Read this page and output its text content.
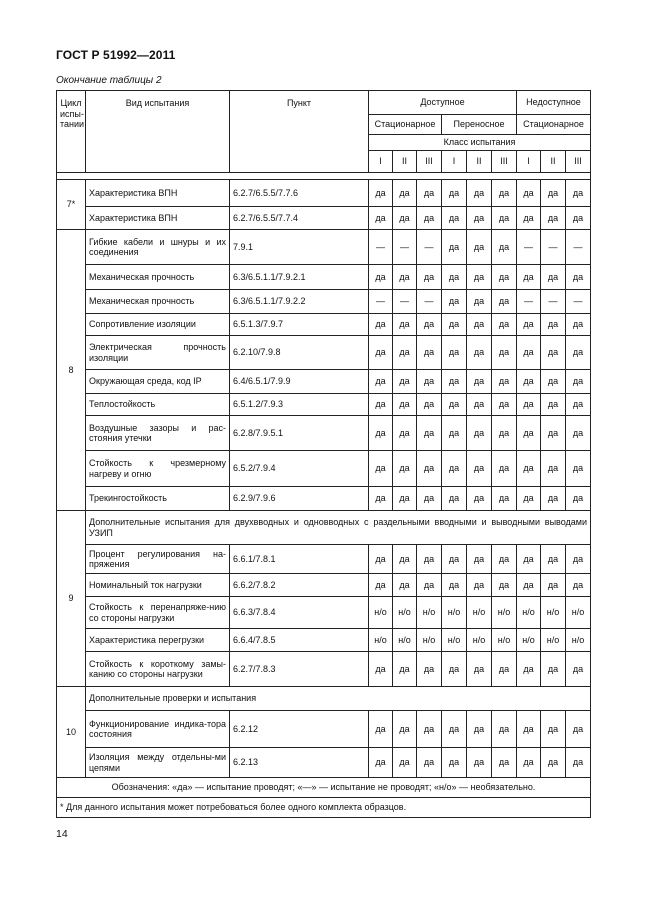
ГОСТ Р 51992—2011
Окончание таблицы 2
Цикл испы-тании	Вид испытания	Пункт	Доступное						Недоступное		
			Стационарное			Переносное			Стационарное		
			Класс испытания								
			I	II	III	I	II	III	I	II	III

7*	Характеристика ВПН	6.2.7/6.5.5/7.7.6	да	да	да	да	да	да	да	да	да
	Характеристика ВПН	6.2.7/6.5.5/7.7.4	да	да	да	да	да	да	да	да	да
8	Гибкие кабели и шнуры и их соединения	7.9.1	—	—	—	да	да	да	—	—	—
	Механическая прочность	6.3/6.5.1.1/7.9.2.1	да	да	да	да	да	да	да	да	да
	Механическая прочность	6.3/6.5.1.1/7.9.2.2	—	—	—	да	да	да	—	—	—
	Сопротивление изоляции	6.5.1.3/7.9.7	да	да	да	да	да	да	да	да	да
	Электрическая прочность изоляции	6.2.10/7.9.8	да	да	да	да	да	да	да	да	да
	Окружающая среда, код IP	6.4/6.5.1/7.9.9	да	да	да	да	да	да	да	да	да
	Теплостойкость	6.5.1.2/7.9.3	да	да	да	да	да	да	да	да	да
	Воздушные зазоры и рас-стояния утечки	6.2.8/7.9.5.1	да	да	да	да	да	да	да	да	да
	Стойкость к чрезмерному нагреву и огню	6.5.2/7.9.4	да	да	да	да	да	да	да	да	да
	Трекингостойкость	6.2.9/7.9.6	да	да	да	да	да	да	да	да	да
9	Дополнительные испытания для двухвводных и одновводных с раздельными вводными и выводными выводами УЗИП										
	Процент регулирования на-пряжения	6.6.1/7.8.1	да	да	да	да	да	да	да	да	да
	Номинальный ток нагрузки	6.6.2/7.8.2	да	да	да	да	да	да	да	да	да
	Стойкость к перенапряже-нию со стороны нагрузки	6.6.3/7.8.4	н/о	н/о	н/о	н/о	н/о	н/о	н/о	н/о	н/о
	Характеристика перегрузки	6.6.4/7.8.5	н/о	н/о	н/о	н/о	н/о	н/о	н/о	н/о	н/о
	Стойкость к короткому замы-канию со стороны нагрузки	6.2.7/7.8.3	да	да	да	да	да	да	да	да	да
10	Дополнительные проверки и испытания										
	Функционирование индика-тора состояния	6.2.12	да	да	да	да	да	да	да	да	да
	Изоляция между отдельны-ми цепями	6.2.13	да	да	да	да	да	да	да	да	да
Обозначения: «да» — испытание проводят; «—» — испытание не проводят; «н/о» — необязательно.											
* Для данного испытания может потребоваться более одного комплекта образцов.											
14
